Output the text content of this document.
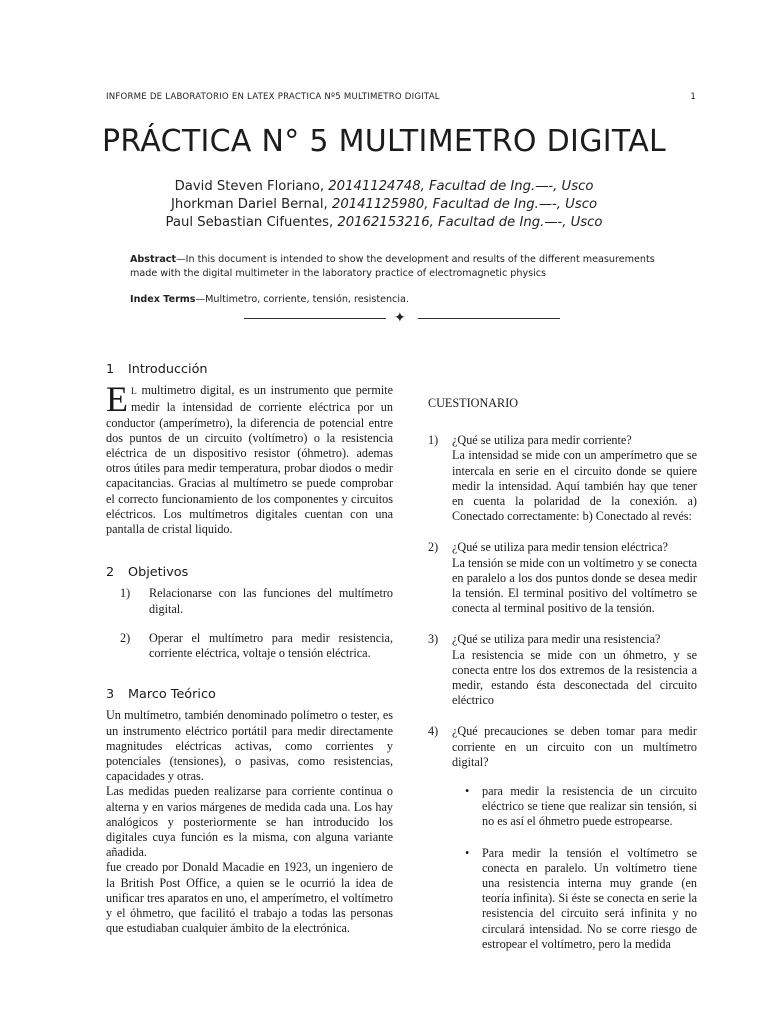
INFORME DE LABORATORIO EN LATEX PRACTICA Nº5 MULTIMETRO DIGITAL	1
PRÁCTICA N° 5 MULTIMETRO DIGITAL
David Steven Floriano, 20141124748, Facultad de Ing.—-, Usco
Jhorkman Dariel Bernal, 20141125980, Facultad de Ing.—-, Usco
Paul Sebastian Cifuentes, 20162153216, Facultad de Ing.—-, Usco
Abstract—In this document is intended to show the development and results of the different measurements made with the digital multimeter in the laboratory practice of electromagnetic physics
Index Terms—Multimetro, corriente, tensión, resistencia.
✦
1 Introducción

E L multimetro digital, es un instrumento que permite medir la intensidad de corriente eléctrica por un conductor (amperímetro), la diferencia de potencial entre dos puntos de un circuito (voltímetro) o la resistencia eléctrica de un dispositivo resistor (óhmetro). ademas otros útiles para medir temperatura, probar diodos o medir capacitancias. Gracias al multímetro se puede comprobar el correcto funcionamiento de los componentes y circuitos eléctricos. Los multímetros digitales cuentan con una pantalla de cristal liquido.

2 Objetivos
1) Relacionarse con las funciones del multímetro digital.
2) Operar el multímetro para medir resistencia, corriente eléctrica, voltaje o tensión eléctrica.
3 Marco Teórico

Un multímetro, también denominado polímetro o tester, es un instrumento eléctrico portátil para medir directamente magnitudes eléctricas activas, como corrientes y potenciales (tensiones), o pasivas, como resistencias, capacidades y otras.

Las medidas pueden realizarse para corriente continua o alterna y en varios márgenes de medida cada una. Los hay analógicos y posteriormente se han introducido los digitales cuya función es la misma, con alguna variante añadida.

fue creado por Donald Macadie en 1923, un ingeniero de la British Post Office, a quien se le ocurrió la idea de unificar tres aparatos en uno, el amperímetro, el voltímetro y el óhmetro, que facilitó el trabajo a todas las personas que estudiaban cualquier ámbito de la electrónica.

CUESTIONARIO
1) ¿Qué se utiliza para medir corriente?
La intensidad se mide con un amperímetro que se intercala en serie en el circuito donde se quiere medir la intensidad. Aquí también hay que tener en cuenta la polaridad de la conexión. a) Conectado correctamente: b) Conectado al revés:
2) ¿Qué se utiliza para medir tension eléctrica?
La tensión se mide con un voltímetro y se conecta en paralelo a los dos puntos donde se desea medir la tensión. El terminal positivo del voltímetro se conecta al terminal positivo de la tensión.
3) ¿Qué se utiliza para medir una resistencia?
La resistencia se mide con un óhmetro, y se conecta entre los dos extremos de la resistencia a medir, estando ésta desconectada del circuito eléctrico
4) ¿Qué precauciones se deben tomar para medir corriente en un circuito con un multímetro digital?
• para medir la resistencia de un circuito eléctrico se tiene que realizar sin tensión, si no es así el óhmetro puede estropearse.
• Para medir la tensión el voltímetro se conecta en paralelo. Un voltímetro tiene una resistencia interna muy grande (en teoría infinita). Si éste se conecta en serie la resistencia del circuito será infinita y no circulará intensidad. No se corre riesgo de estropear el voltímetro, pero la medida
